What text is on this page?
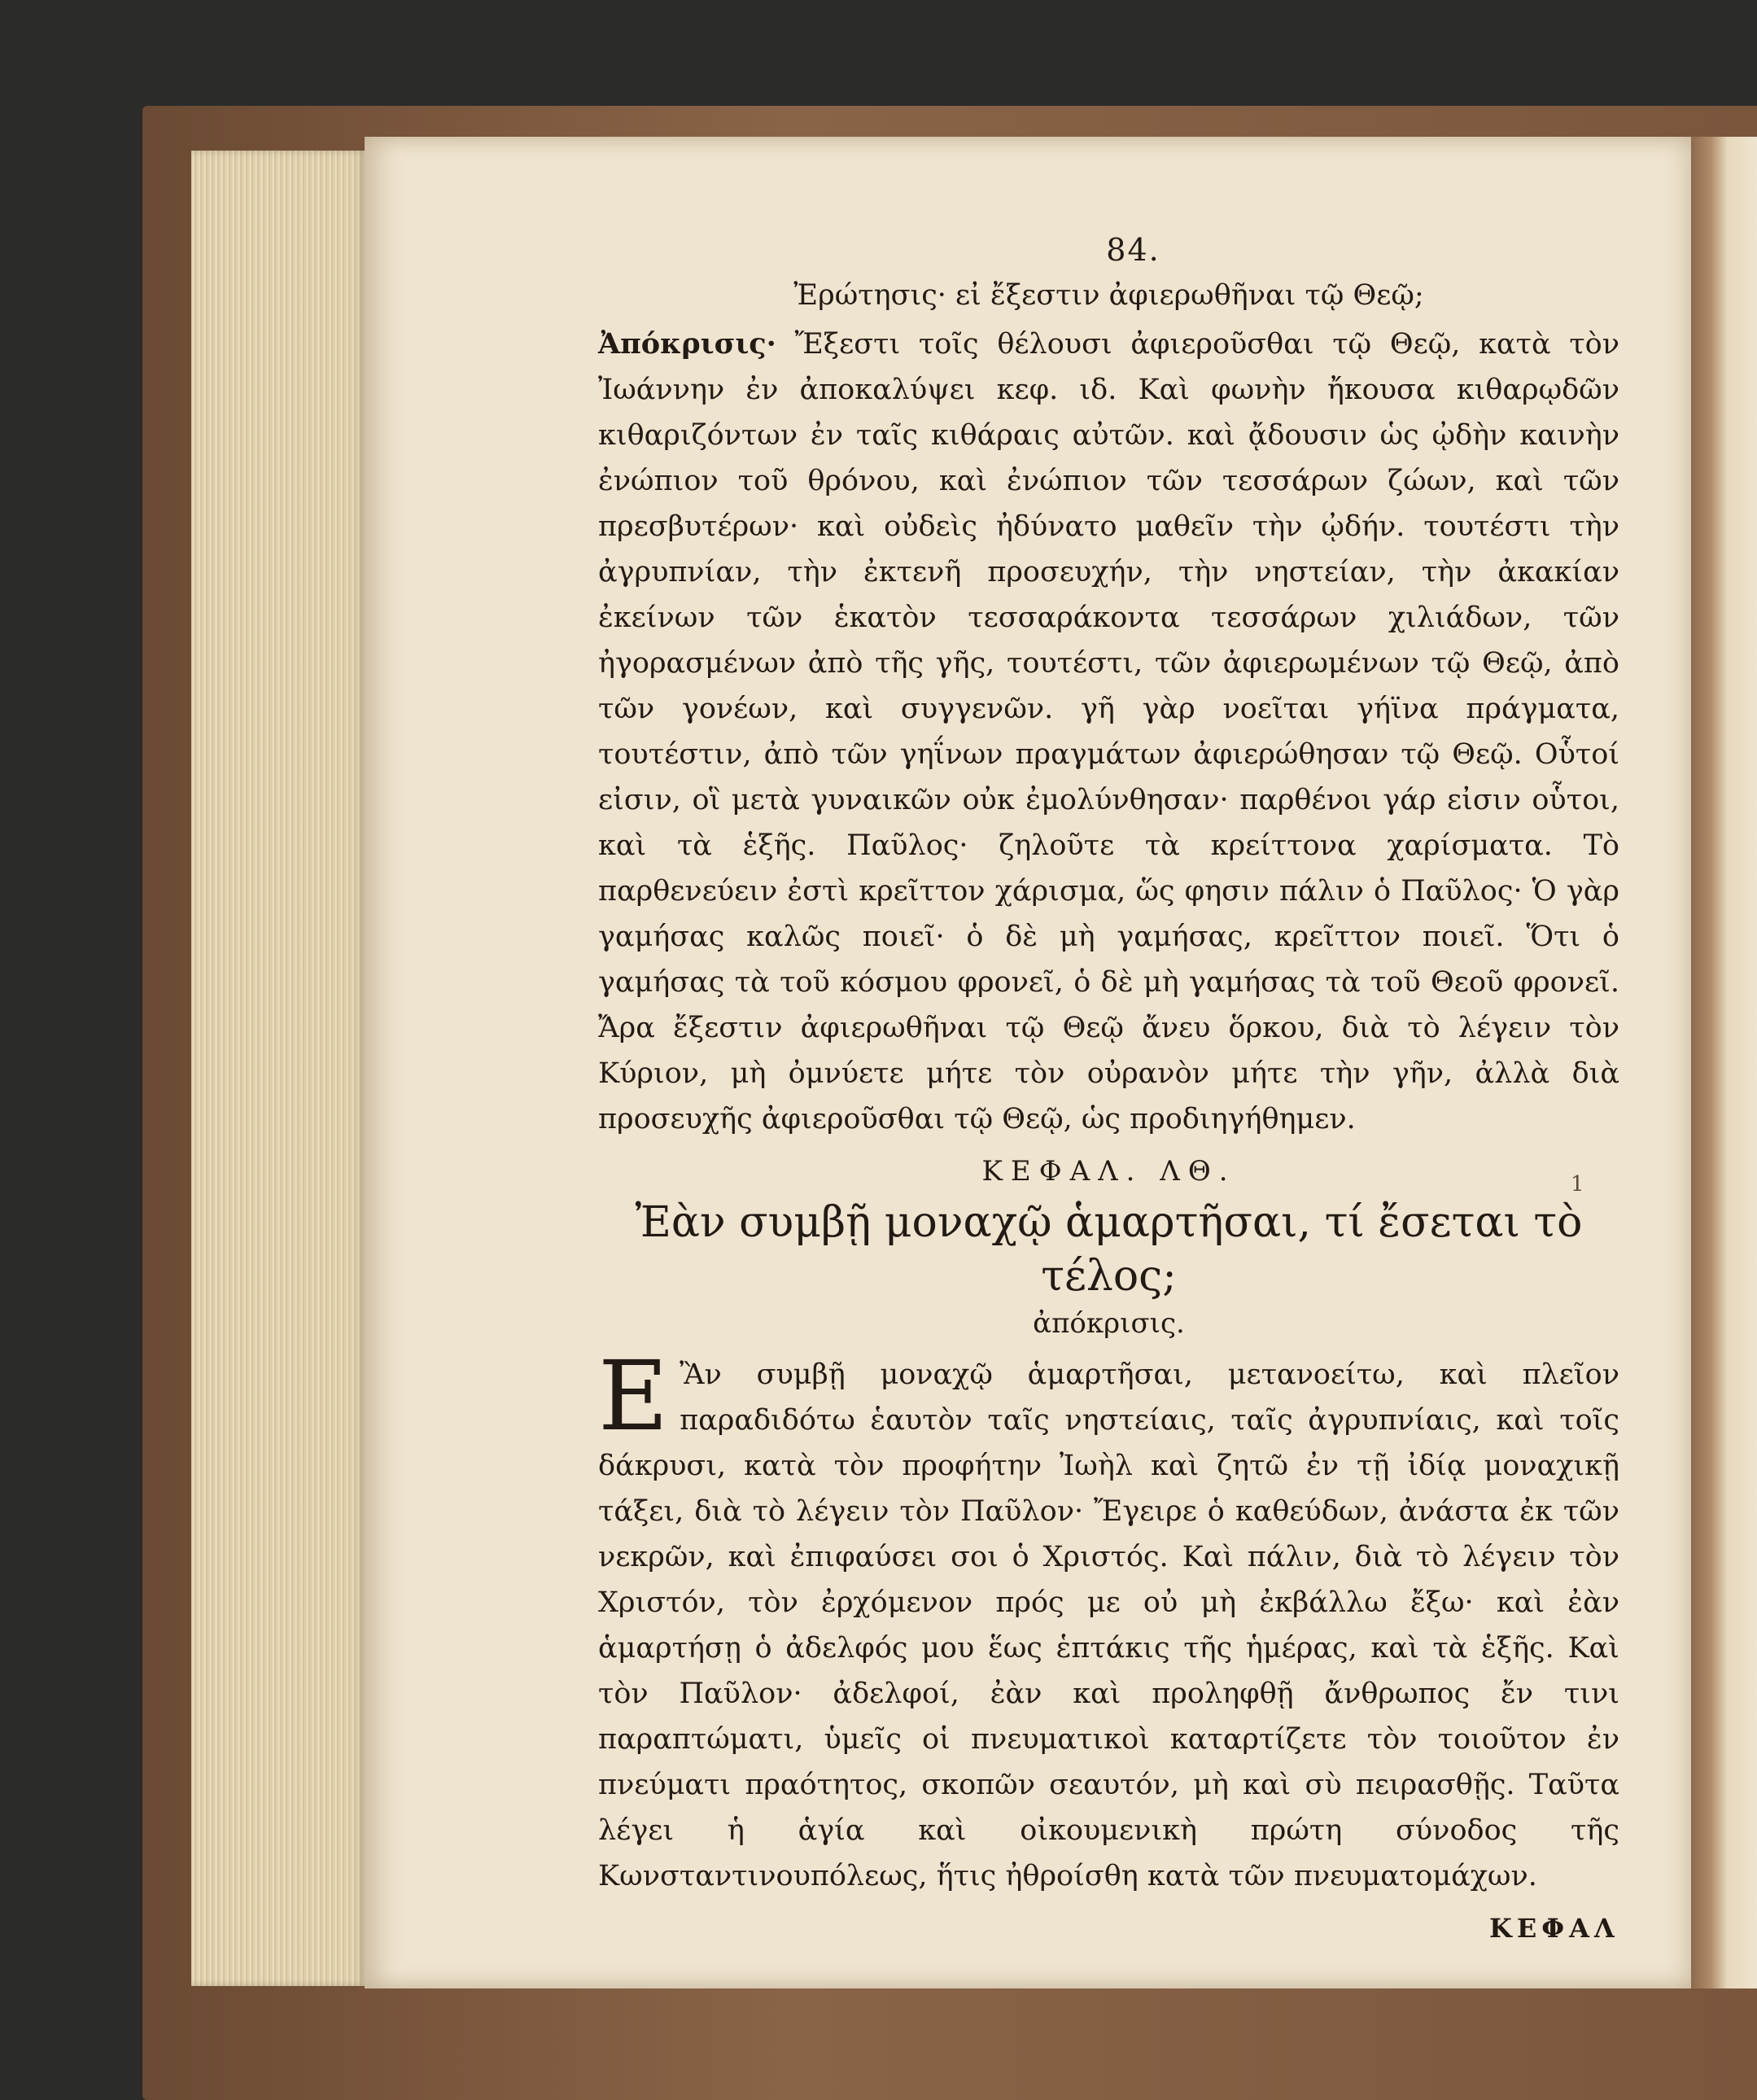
84.

Ἐρώτησις· εἰ ἔξεστιν ἀφιερωθῆναι τῷ Θεῷ;

Ἀπόκρισις· Ἔξεστι τοῖς θέλουσι ἀφιεροῦσθαι τῷ Θεῷ, κατὰ τὸν Ἰωάννην ἐν ἀποκαλύψει κεφ. ιδ. Καὶ φωνὴν ἤκουσα κιθαρῳδῶν κιθαριζόντων ἐν ταῖς κιθάραις αὐτῶν. καὶ ᾄδουσιν ὡς ᾠδὴν καινὴν ἐνώπιον τοῦ θρόνου, καὶ ἐνώπιον τῶν τεσσάρων ζώων, καὶ τῶν πρεσβυτέρων· καὶ οὐδεὶς ἠδύνατο μαθεῖν τὴν ᾠδήν. τουτέστι τὴν ἀγρυπνίαν, τὴν ἐκτενῆ προσευχήν, τὴν νηστείαν, τὴν ἀκακίαν ἐκείνων τῶν ἑκατὸν τεσσαράκοντα τεσσάρων χιλιάδων, τῶν ἠγορασμένων ἀπὸ τῆς γῆς, τουτέστι, τῶν ἀφιερωμένων τῷ Θεῷ, ἀπὸ τῶν γονέων, καὶ συγγενῶν. γῆ γὰρ νοεῖται γήϊνα πράγματα, τουτέστιν, ἀπὸ τῶν γηΐνων πραγμάτων ἀφιερώθησαν τῷ Θεῷ. Οὗτοί εἰσιν, οἳ μετὰ γυναικῶν οὐκ ἐμολύνθησαν· παρθένοι γάρ εἰσιν οὗτοι, καὶ τὰ ἑξῆς. Παῦλος· ζηλοῦτε τὰ κρείττονα χαρίσματα. Τὸ παρθενεύειν ἐστὶ κρεῖττον χάρισμα, ὥς φησιν πάλιν ὁ Παῦλος· Ὁ γὰρ γαμήσας καλῶς ποιεῖ· ὁ δὲ μὴ γαμήσας, κρεῖττον ποιεῖ. Ὅτι ὁ γαμήσας τὰ τοῦ κόσμου φρονεῖ, ὁ δὲ μὴ γαμήσας τὰ τοῦ Θεοῦ φρονεῖ. Ἄρα ἔξεστιν ἀφιερωθῆναι τῷ Θεῷ ἄνευ ὅρκου, διὰ τὸ λέγειν τὸν Κύριον, μὴ ὀμνύετε μήτε τὸν οὐρανὸν μήτε τὴν γῆν, ἀλλὰ διὰ προσευχῆς ἀφιεροῦσθαι τῷ Θεῷ, ὡς προδιηγήθημεν.

ΚΕΦΑΛ. ΛΘ.

Ἐὰν συμβῇ μοναχῷ ἁμαρτῆσαι, τί ἔσεται τὸ τέλος;

ἀπόκρισις.

Ε Ἂν συμβῇ μοναχῷ ἁμαρτῆσαι, μετανοείτω, καὶ πλεῖον παραδιδότω ἑαυτὸν ταῖς νηστείαις, ταῖς ἀγρυπνίαις, καὶ τοῖς δάκρυσι, κατὰ τὸν προφήτην Ἰωὴλ καὶ ζητῶ ἐν τῇ ἰδίᾳ μοναχικῇ τάξει, διὰ τὸ λέγειν τὸν Παῦλον· Ἔγειρε ὁ καθεύδων, ἀνάστα ἐκ τῶν νεκρῶν, καὶ ἐπιφαύσει σοι ὁ Χριστός. Καὶ πάλιν, διὰ τὸ λέγειν τὸν Χριστόν, τὸν ἐρχόμενον πρός με οὐ μὴ ἐκβάλλω ἔξω· καὶ ἐὰν ἁμαρτήσῃ ὁ ἀδελφός μου ἕως ἑπτάκις τῆς ἡμέρας, καὶ τὰ ἑξῆς. Καὶ τὸν Παῦλον· ἀδελφοί, ἐὰν καὶ προληφθῇ ἄνθρωπος ἔν τινι παραπτώματι, ὑμεῖς οἱ πνευματικοὶ καταρτίζετε τὸν τοιοῦτον ἐν πνεύματι πραότητος, σκοπῶν σεαυτόν, μὴ καὶ σὺ πειρασθῇς. Ταῦτα λέγει ἡ ἁγία καὶ οἰκουμενικὴ πρώτη σύνοδος τῆς Κωνσταντινουπόλεως, ἥτις ἠθροίσθη κατὰ τῶν πνευματομάχων.

1
ΚΕΦΑΛ
